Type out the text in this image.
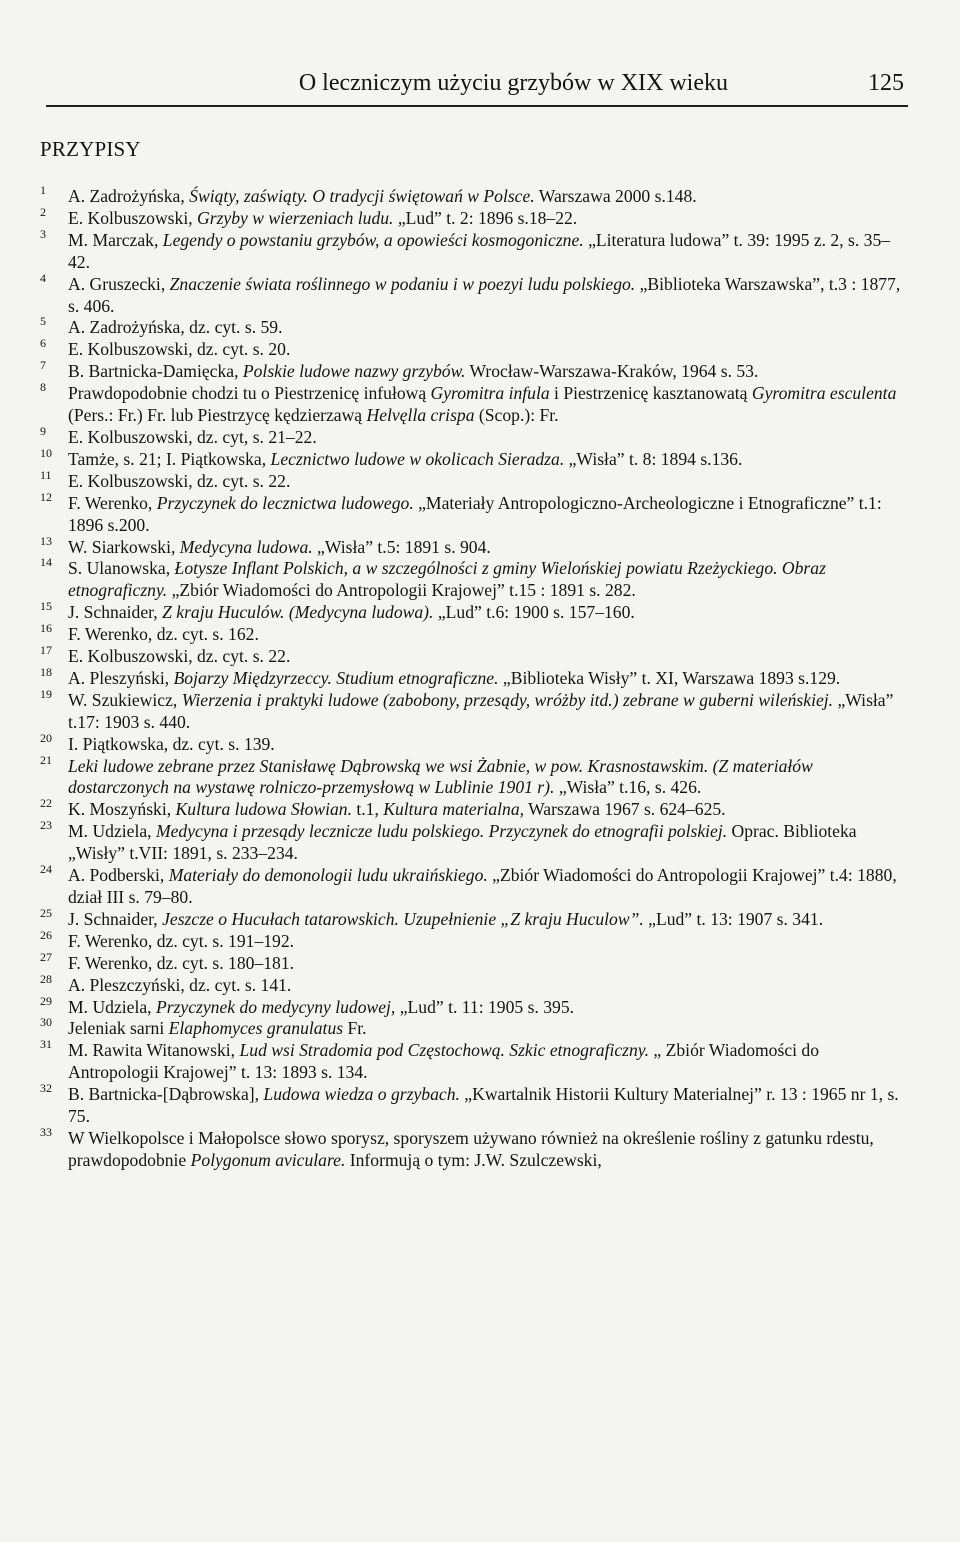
O leczniczym użyciu grzybów w XIX wieku	125
PRZYPISY
1 A. Zadrożyńska, Świąty, zaświąty. O tradycji świętowań w Polsce. Warszawa 2000 s.148.
2 E. Kolbuszowski, Grzyby w wierzeniach ludu. „Lud” t. 2: 1896 s.18–22.
3 M. Marczak, Legendy o powstaniu grzybów, a opowieści kosmogoniczne. „Literatura ludowa” t. 39: 1995 z. 2, s. 35–42.
4 A. Gruszecki, Znaczenie świata roślinnego w podaniu i w poezyi ludu polskiego. „Biblioteka Warszawska”, t.3 : 1877, s. 406.
5 A. Zadrożyńska, dz. cyt. s. 59.
6 E. Kolbuszowski, dz. cyt. s. 20.
7 B. Bartnicka-Damięcka, Polskie ludowe nazwy grzybów. Wrocław-Warszawa-Kraków, 1964 s. 53.
8 Prawdopodobnie chodzi tu o Piestrzenicę infułową Gyromitra infula i Piestrzenicę kasztanowatą Gyromitra esculenta (Pers.: Fr.) Fr. lub Piestrzycę kędzierzawą Helvęlla crispa (Scop.): Fr.
9 E. Kolbuszowski, dz. cyt, s. 21–22.
10 Tamże, s. 21; I. Piątkowska, Lecznictwo ludowe w okolicach Sieradza. „Wisła” t. 8: 1894 s.136.
11 E. Kolbuszowski, dz. cyt. s. 22.
12 F. Werenko, Przyczynek do lecznictwa ludowego. „Materiały Antropologiczno-Archeologiczne i Etnograficzne” t.1: 1896 s.200.
13 W. Siarkowski, Medycyna ludowa. „Wisła” t.5: 1891 s. 904.
14 S. Ulanowska, Łotysze Inflant Polskich, a w szczególności z gminy Wielońskiej powiatu Rzeżyckiego. Obraz etnograficzny. „Zbiór Wiadomości do Antropologii Krajowej” t.15 : 1891 s. 282.
15 J. Schnaider, Z kraju Huculów. (Medycyna ludowa). „Lud” t.6: 1900 s. 157–160.
16 F. Werenko, dz. cyt. s. 162.
17 E. Kolbuszowski, dz. cyt. s. 22.
18 A. Pleszyński, Bojarzy Międzyrzeccy. Studium etnograficzne. „Biblioteka Wisły” t. XI, Warszawa 1893 s.129.
19 W. Szukiewicz, Wierzenia i praktyki ludowe (zabobony, przesądy, wróżby itd.) zebrane w guberni wileńskiej. „Wisła” t.17: 1903 s. 440.
20 I. Piątkowska, dz. cyt. s. 139.
21 Leki ludowe zebrane przez Stanisławę Dąbrowską we wsi Żabnie, w pow. Krasnostawskim. (Z materiałów dostarczonych na wystawę rolniczo-przemysłową w Lublinie 1901 r). „Wisła” t.16, s. 426.
22 K. Moszyński, Kultura ludowa Słowian. t.1, Kultura materialna, Warszawa 1967 s. 624–625.
23 M. Udziela, Medycyna i przesądy lecznicze ludu polskiego. Przyczynek do etnografii polskiej. Oprac. Biblioteka „Wisły” t.VII: 1891, s. 233–234.
24 A. Podberski, Materiały do demonologii ludu ukraińskiego. „Zbiór Wiadomości do Antropologii Krajowej” t.4: 1880, dział III s. 79–80.
25 J. Schnaider, Jeszcze o Hucułach tatarowskich. Uzupełnienie „Z kraju Huculow”. „Lud” t. 13: 1907 s. 341.
26 F. Werenko, dz. cyt. s. 191–192.
27 F. Werenko, dz. cyt. s. 180–181.
28 A. Pleszczyński, dz. cyt. s. 141.
29 M. Udziela, Przyczynek do medycyny ludowej, „Lud” t. 11: 1905 s. 395.
30 Jeleniak sarni Elaphomyces granulatus Fr.
31 M. Rawita Witanowski, Lud wsi Stradomia pod Częstochową. Szkic etnograficzny. „ Zbiór Wiadomości do Antropologii Krajowej” t. 13: 1893 s. 134.
32 B. Bartnicka-[Dąbrowska], Ludowa wiedza o grzybach. „Kwartalnik Historii Kultury Materialnej” r. 13 : 1965 nr 1, s. 75.
33 W Wielkopolsce i Małopolsce słowo sporysz, sporyszem używano również na określenie rośliny z gatunku rdestu, prawdopodobnie Polygonum aviculare. Informują o tym: J.W. Szulczewski,
